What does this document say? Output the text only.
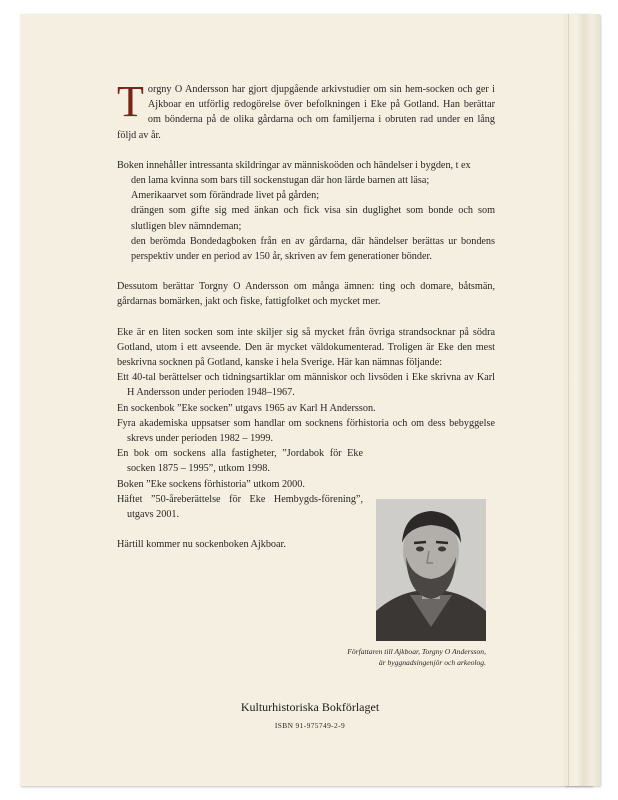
Torgny O Andersson har gjort djupgående arkivstudier om sin hem-socken och ger i Ajkboar en utförlig redogörelse över befolkningen i Eke på Gotland. Han berättar om bönderna på de olika gårdarna och om familjerna i obruten rad under en lång följd av år.

Boken innehåller intressanta skildringar av människoöden och händelser i bygden, t ex

den lama kvinna som bars till sockenstugan där hon lärde barnen att läsa;

Amerikaarvet som förändrade livet på gården;

drängen som gifte sig med änkan och fick visa sin duglighet som bonde och som slutligen blev nämndeman;

den berömda Bondedagboken från en av gårdarna, där händelser berättas ur bondens perspektiv under en period av 150 år, skriven av fem generationer bönder.

Dessutom berättar Torgny O Andersson om många ämnen: ting och domare, båtsmän, gårdarnas bomärken, jakt och fiske, fattigfolket och mycket mer.

Eke är en liten socken som inte skiljer sig så mycket från övriga strandsocknar på södra Gotland, utom i ett avseende. Den är mycket väldokumenterad. Troligen är Eke den mest beskrivna socknen på Gotland, kanske i hela Sverige. Här kan nämnas följande:

Ett 40-tal berättelser och tidningsartiklar om människor och livsöden i Eke skrivna av Karl H Andersson under perioden 1948–1967.

En sockenbok ”Eke socken” utgavs 1965 av Karl H Andersson.

Fyra akademiska uppsatser som handlar om socknens förhistoria och om dess bebyggelse skrevs under perioden 1982 – 1999.

En bok om sockens alla fastigheter, ”Jordabok för Eke socken 1875 – 1995”, utkom 1998.

Boken ”Eke sockens förhistoria” utkom 2000.

Häftet ”50-åreberättelse för Eke Hembygds-förening”, utgavs 2001.

Härtill kommer nu sockenboken Ajkboar.

Författaren till Ajkboar, Torgny O Andersson,
är byggnadsingenjör och arkeolog.
Kulturhistoriska Bokförlaget
ISBN 91-975749-2-9
